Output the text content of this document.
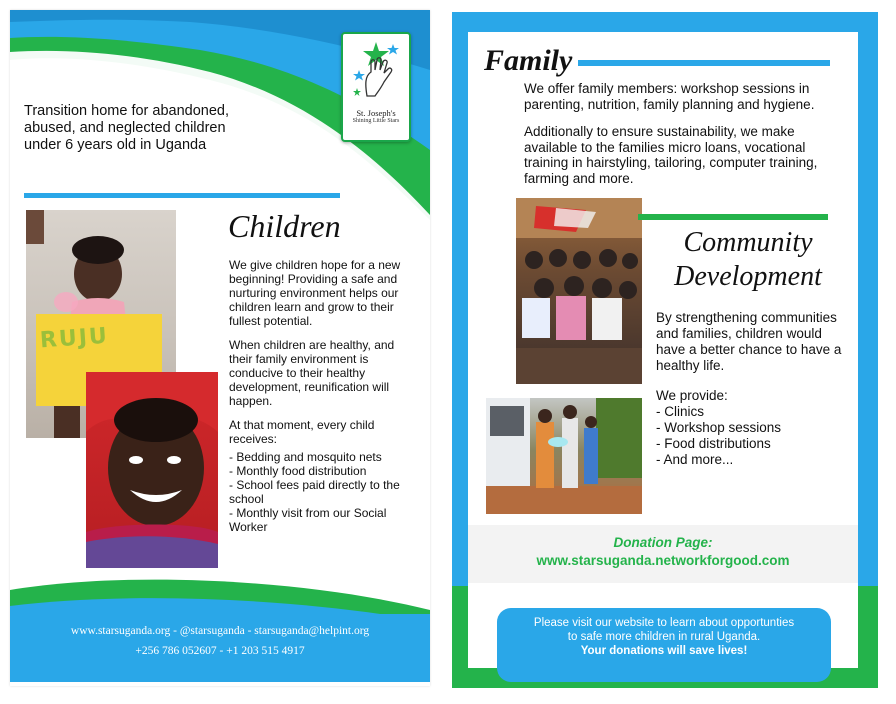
St. Joseph's
Shining Little Stars
Transition home for abandoned, abused, and neglected children under 6 years old in Uganda
Children

We give children hope for a new beginning! Providing a safe and nurturing environment helps our children learn and grow to their fullest potential.

When children are healthy, and their family environment is conducive to their healthy development, reunification will happen.

At that moment, every child receives:

- Bedding and mosquito nets
- Monthly food distribution
- School fees paid directly to the school
- Monthly visit from our Social Worker
www.starsuganda.org - @starsuganda - starsuganda@helpint.org
+256 786 052607 - +1 203 515 4917
Family

We offer family members: workshop sessions in parenting, nutrition, family planning and hygiene.

Additionally to ensure sustainability, we make available to the families micro loans, vocational training in hairstyling, tailoring, computer training, farming and more.

Community Development

By strengthening communities and families, children would have a better chance to have a healthy life.

We provide:
- Clinics
- Workshop sessions
- Food distributions
- And more...
Donation Page:
www.starsuganda.networkforgood.com
Please visit our website to learn about opportunties
to safe more children in rural Uganda.
Your donations will save lives!
RUJU
